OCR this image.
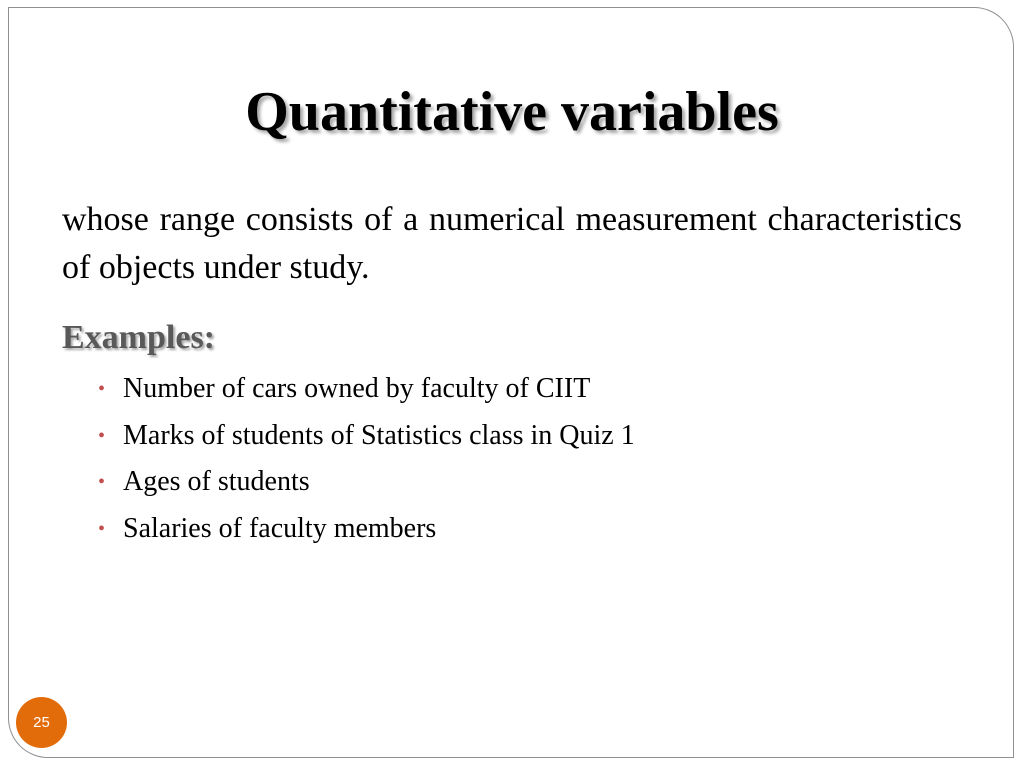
Quantitative variables

whose range consists of a numerical measurement characteristics of objects under study.

Examples:

• Number of cars owned by faculty of CIIT
• Marks of students of Statistics class in Quiz 1
• Ages of students
• Salaries of faculty members
25
